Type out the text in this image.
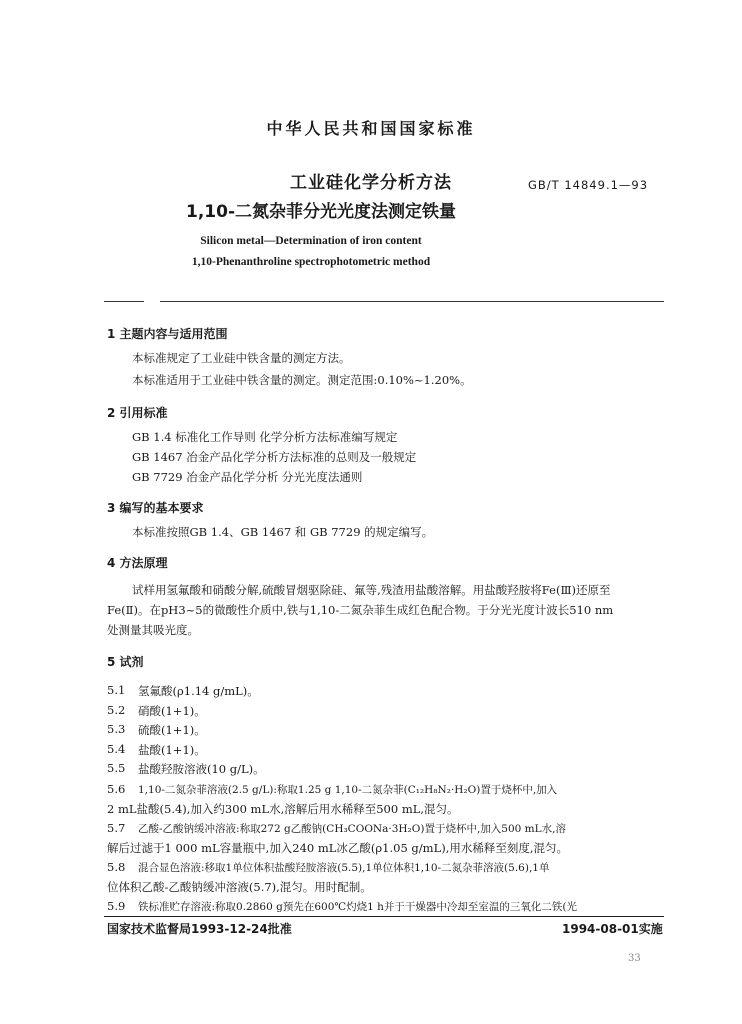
中华人民共和国国家标准
工业硅化学分析方法
1,10-二氮杂菲分光光度法测定铁量
GB/T 14849.1—93
Silicon metal—Determination of iron content
1,10-Phenanthroline spectrophotometric method
1 主题内容与适用范围
本标准规定了工业硅中铁含量的测定方法。
本标准适用于工业硅中铁含量的测定。测定范围:0.10%~1.20%。
2 引用标准
GB 1.4 标准化工作导则 化学分析方法标准编写规定
GB 1467 冶金产品化学分析方法标准的总则及一般规定
GB 7729 冶金产品化学分析 分光光度法通则
3 编写的基本要求
本标准按照GB 1.4、GB 1467 和 GB 7729 的规定编写。
4 方法原理
试样用氢氟酸和硝酸分解,硫酸冒烟驱除硅、氟等,残渣用盐酸溶解。用盐酸羟胺将Fe(Ⅲ)还原至
Fe(Ⅱ)。在pH3~5的微酸性介质中,铁与1,10-二氮杂菲生成红色配合物。于分光光度计波长510 nm
处测量其吸光度。
5 试剂
5.1 氢氟酸(ρ1.14 g/mL)。
5.2 硝酸(1+1)。
5.3 硫酸(1+1)。
5.4 盐酸(1+1)。
5.5 盐酸羟胺溶液(10 g/L)。
5.6 1,10-二氮杂菲溶液(2.5 g/L):称取1.25 g 1,10-二氮杂菲(C₁₂H₈N₂·H₂O)置于烧杯中,加入
2 mL盐酸(5.4),加入约300 mL水,溶解后用水稀释至500 mL,混匀。
5.7 乙酸-乙酸钠缓冲溶液:称取272 g乙酸钠(CH₃COONa·3H₂O)置于烧杯中,加入500 mL水,溶
解后过滤于1 000 mL容量瓶中,加入240 mL冰乙酸(ρ1.05 g/mL),用水稀释至刻度,混匀。
5.8 混合显色溶液:移取1单位体积盐酸羟胺溶液(5.5),1单位体积1,10-二氮杂菲溶液(5.6),1单
位体积乙酸-乙酸钠缓冲溶液(5.7),混匀。用时配制。
5.9 铁标准贮存溶液:称取0.2860 g预先在600℃灼烧1 h并于干燥器中冷却至室温的三氧化二铁(光
国家技术监督局1993-12-24批准	1994-08-01实施
33
